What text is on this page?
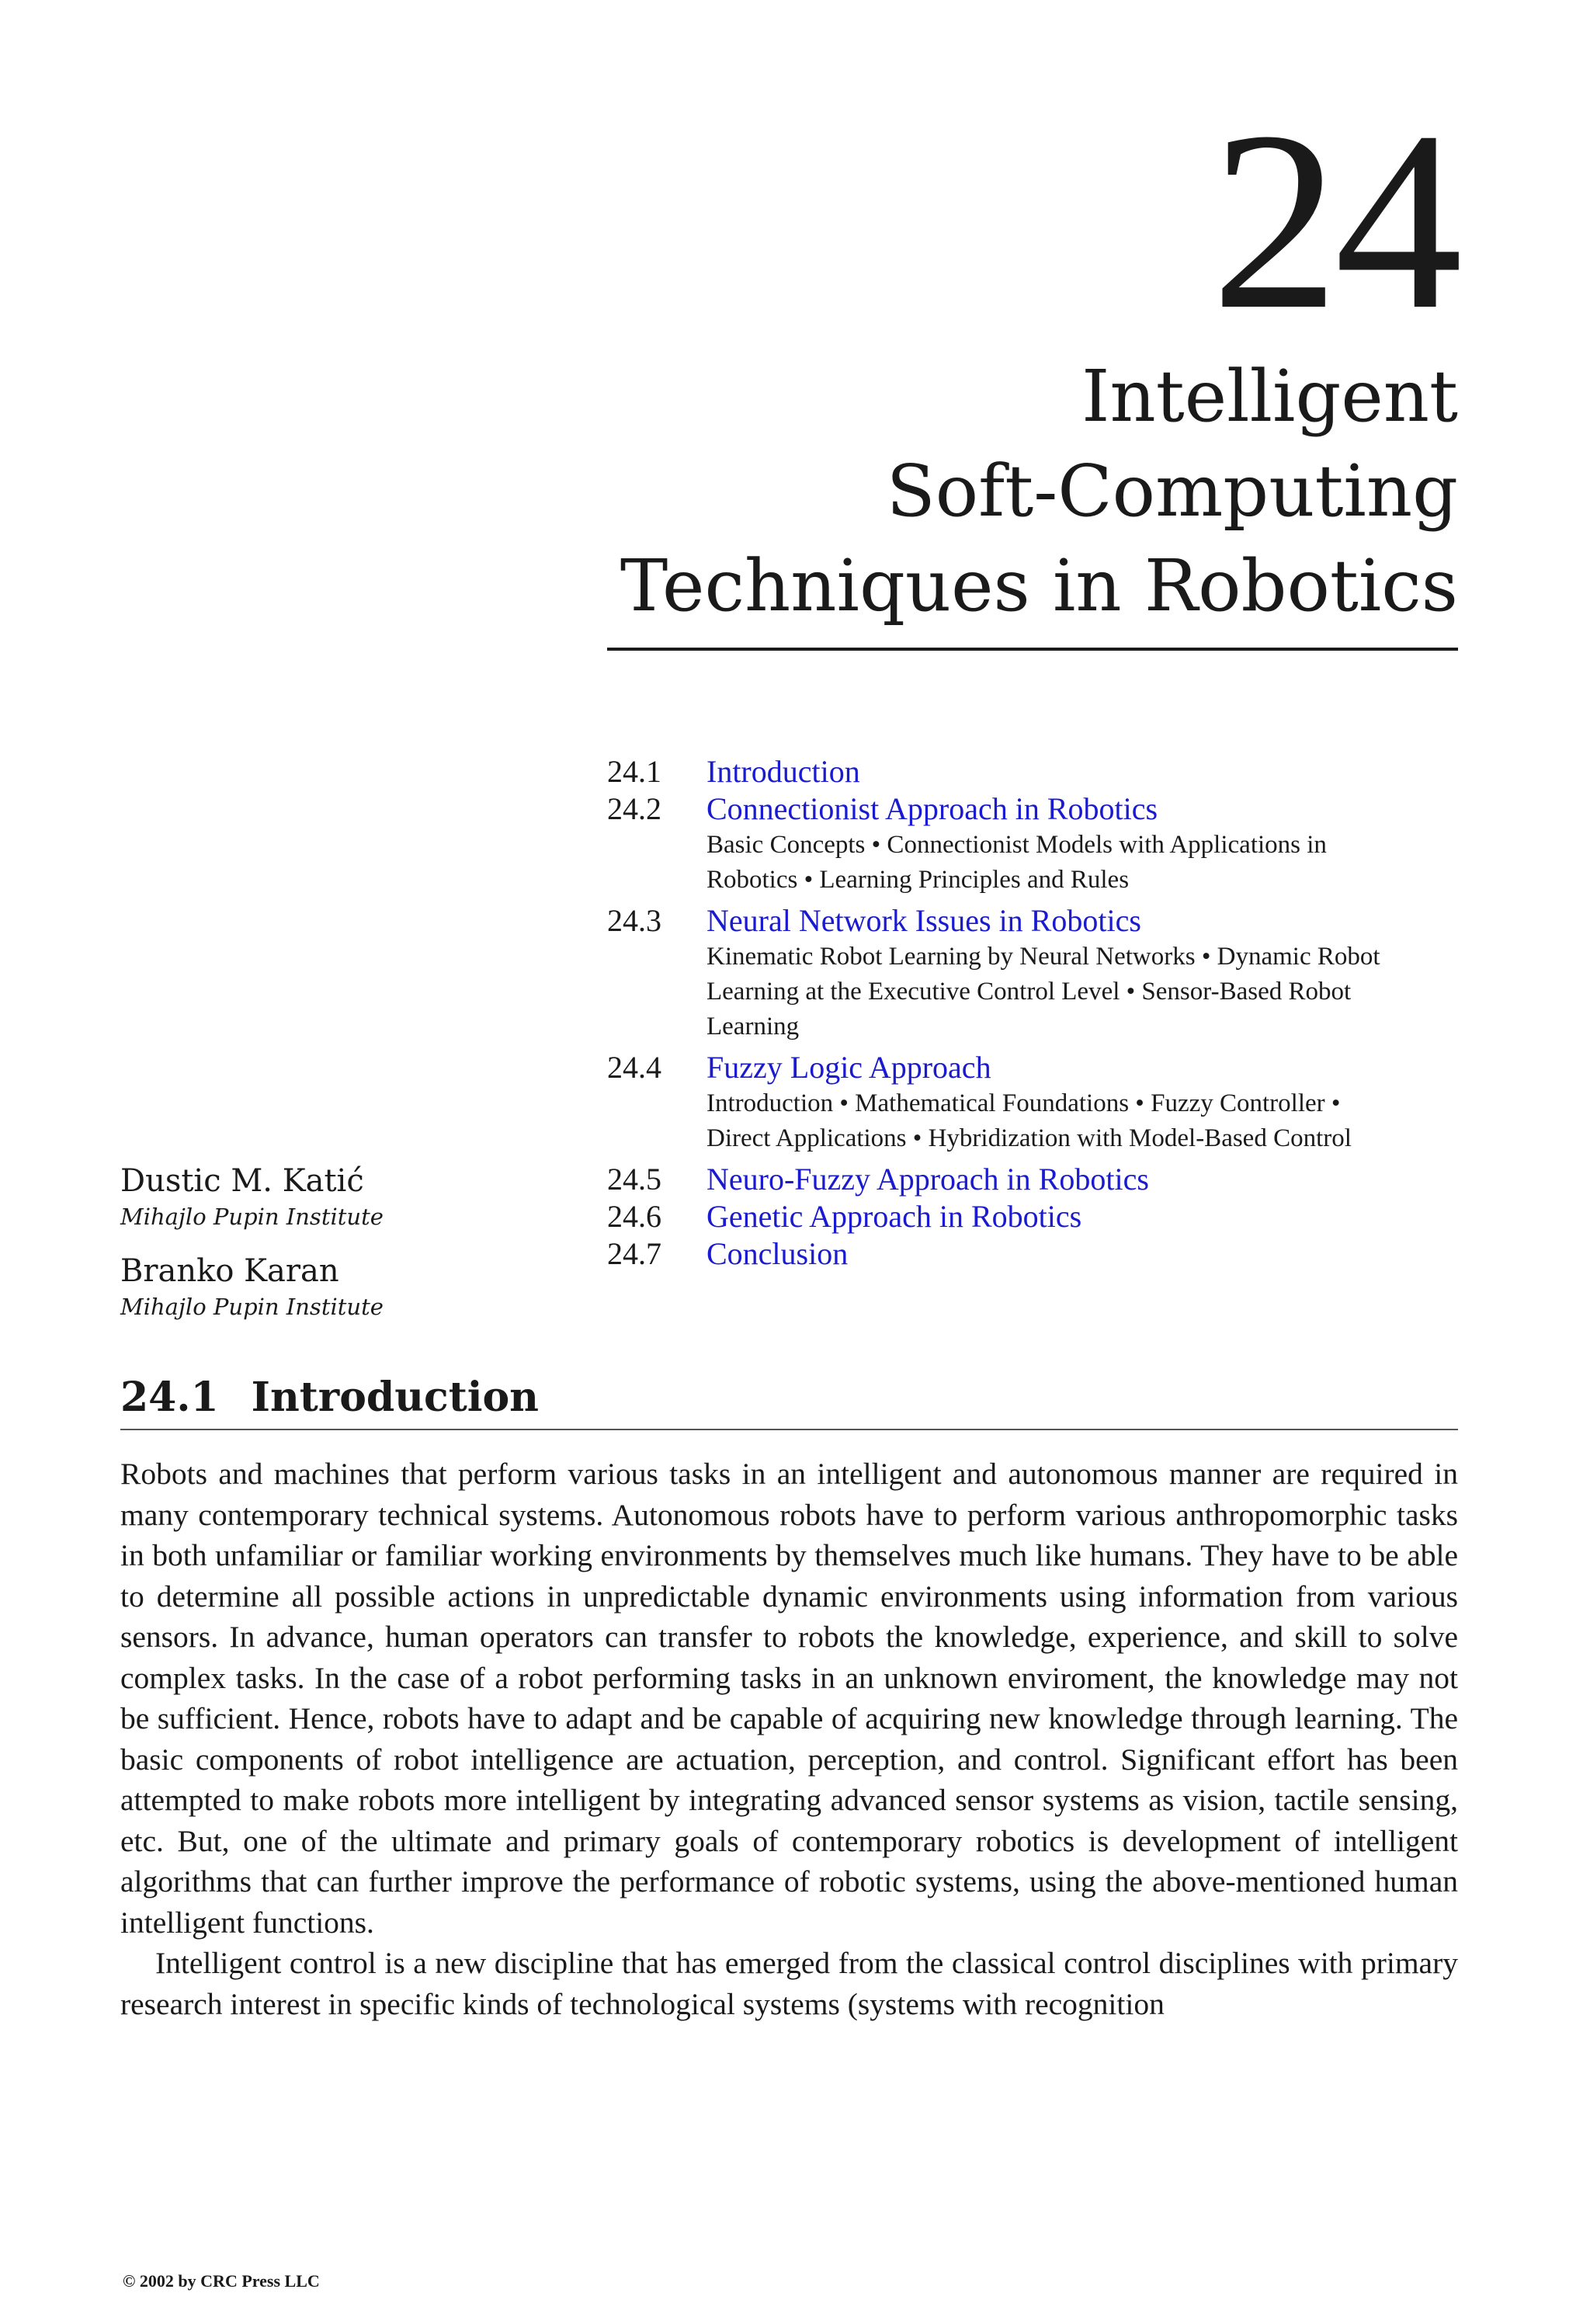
24
Intelligent
Soft-Computing
Techniques in Robotics
24.1	Introduction
24.2	Connectionist Approach in Robotics
Basic Concepts • Connectionist Models with Applications in Robotics • Learning Principles and Rules
24.3	Neural Network Issues in Robotics
Kinematic Robot Learning by Neural Networks • Dynamic Robot Learning at the Executive Control Level • Sensor-Based Robot Learning
24.4	Fuzzy Logic Approach
Introduction • Mathematical Foundations • Fuzzy Controller • Direct Applications • Hybridization with Model-Based Control
24.5	Neuro-Fuzzy Approach in Robotics
24.6	Genetic Approach in Robotics
24.7	Conclusion
Dustic M. Katić
Mihajlo Pupin Institute
Branko Karan
Mihajlo Pupin Institute
24.1 Introduction

Robots and machines that perform various tasks in an intelligent and autonomous manner are required in many contemporary technical systems. Autonomous robots have to perform various anthropomorphic tasks in both unfamiliar or familiar working environments by themselves much like humans. They have to be able to determine all possible actions in unpredictable dynamic environments using information from various sensors. In advance, human operators can transfer to robots the knowledge, experience, and skill to solve complex tasks. In the case of a robot performing tasks in an unknown enviroment, the knowledge may not be sufficient. Hence, robots have to adapt and be capable of acquiring new knowledge through learning. The basic components of robot intelligence are actuation, perception, and control. Significant effort has been attempted to make robots more intelligent by integrating advanced sensor systems as vision, tactile sensing, etc. But, one of the ultimate and primary goals of contemporary robotics is development of intelligent algorithms that can further improve the performance of robotic systems, using the above-mentioned human intelligent functions.

Intelligent control is a new discipline that has emerged from the classical control disciplines with primary research interest in specific kinds of technological systems (systems with recognition

© 2002 by CRC Press LLC
